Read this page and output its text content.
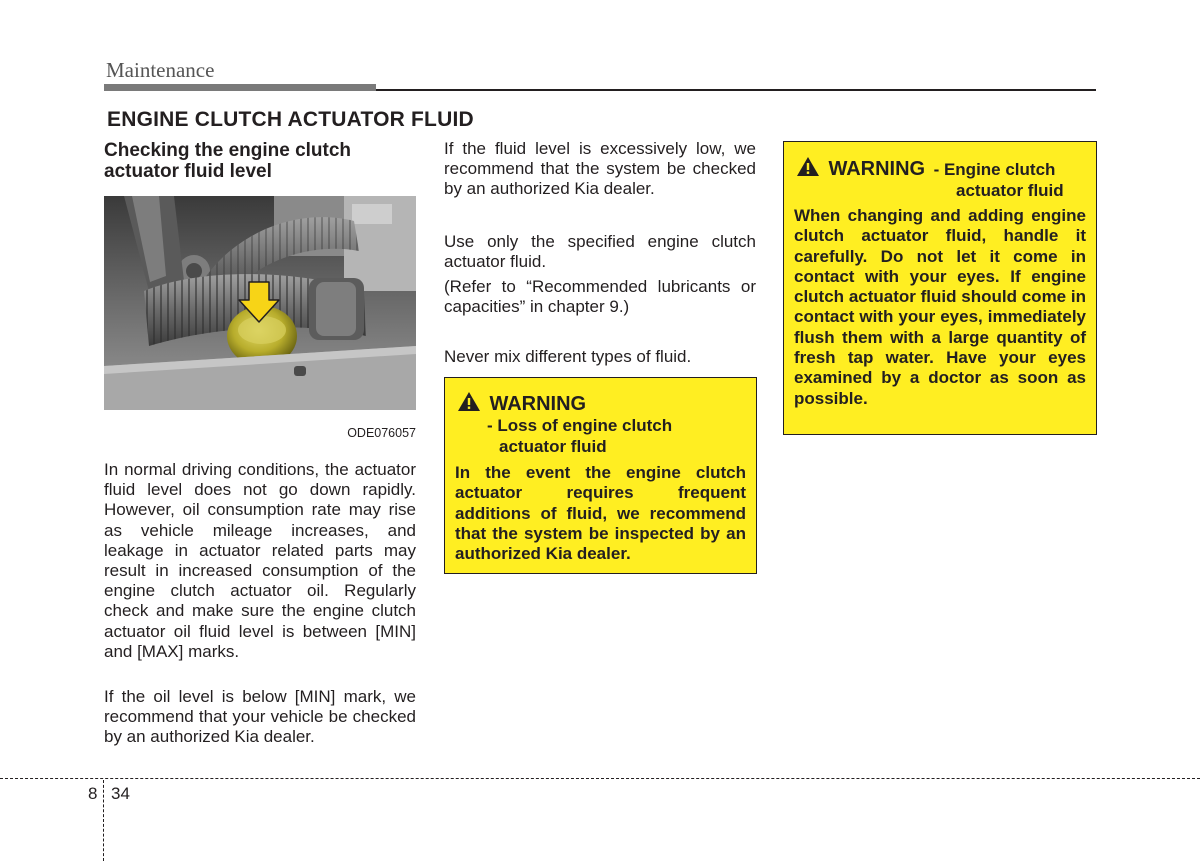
Maintenance
ENGINE CLUTCH ACTUATOR FLUID
Checking the engine clutch actuator fluid level
ODE076057

In normal driving conditions, the actuator fluid level does not go down rapidly. However, oil consumption rate may rise as vehicle mileage increases, and leakage in actuator related parts may result in increased consumption of the engine clutch actuator oil. Regularly check and make sure the engine clutch actuator oil fluid level is between [MIN] and [MAX] marks.

If the oil level is below [MIN] mark, we recommend that your vehicle be checked by an authorized Kia dealer.

If the fluid level is excessively low, we recommend that the system be checked by an authorized Kia dealer.

Use only the specified engine clutch actuator fluid.

(Refer to “Recommended lubricants or capacities” in chapter 9.)

Never mix different types of fluid.

WARNING
- Loss of engine clutch
actuator fluid

In the event the engine clutch actuator requires frequent additions of fluid, we recommend that the system be inspected by an authorized Kia dealer.

WARNING - Engine clutch
actuator fluid

When changing and adding engine clutch actuator fluid, handle it carefully. Do not let it come in contact with your eyes. If engine clutch actuator fluid should come in contact with your eyes, immediately flush them with a large quantity of fresh tap water. Have your eyes examined by a doctor as soon as possible.

8 34
